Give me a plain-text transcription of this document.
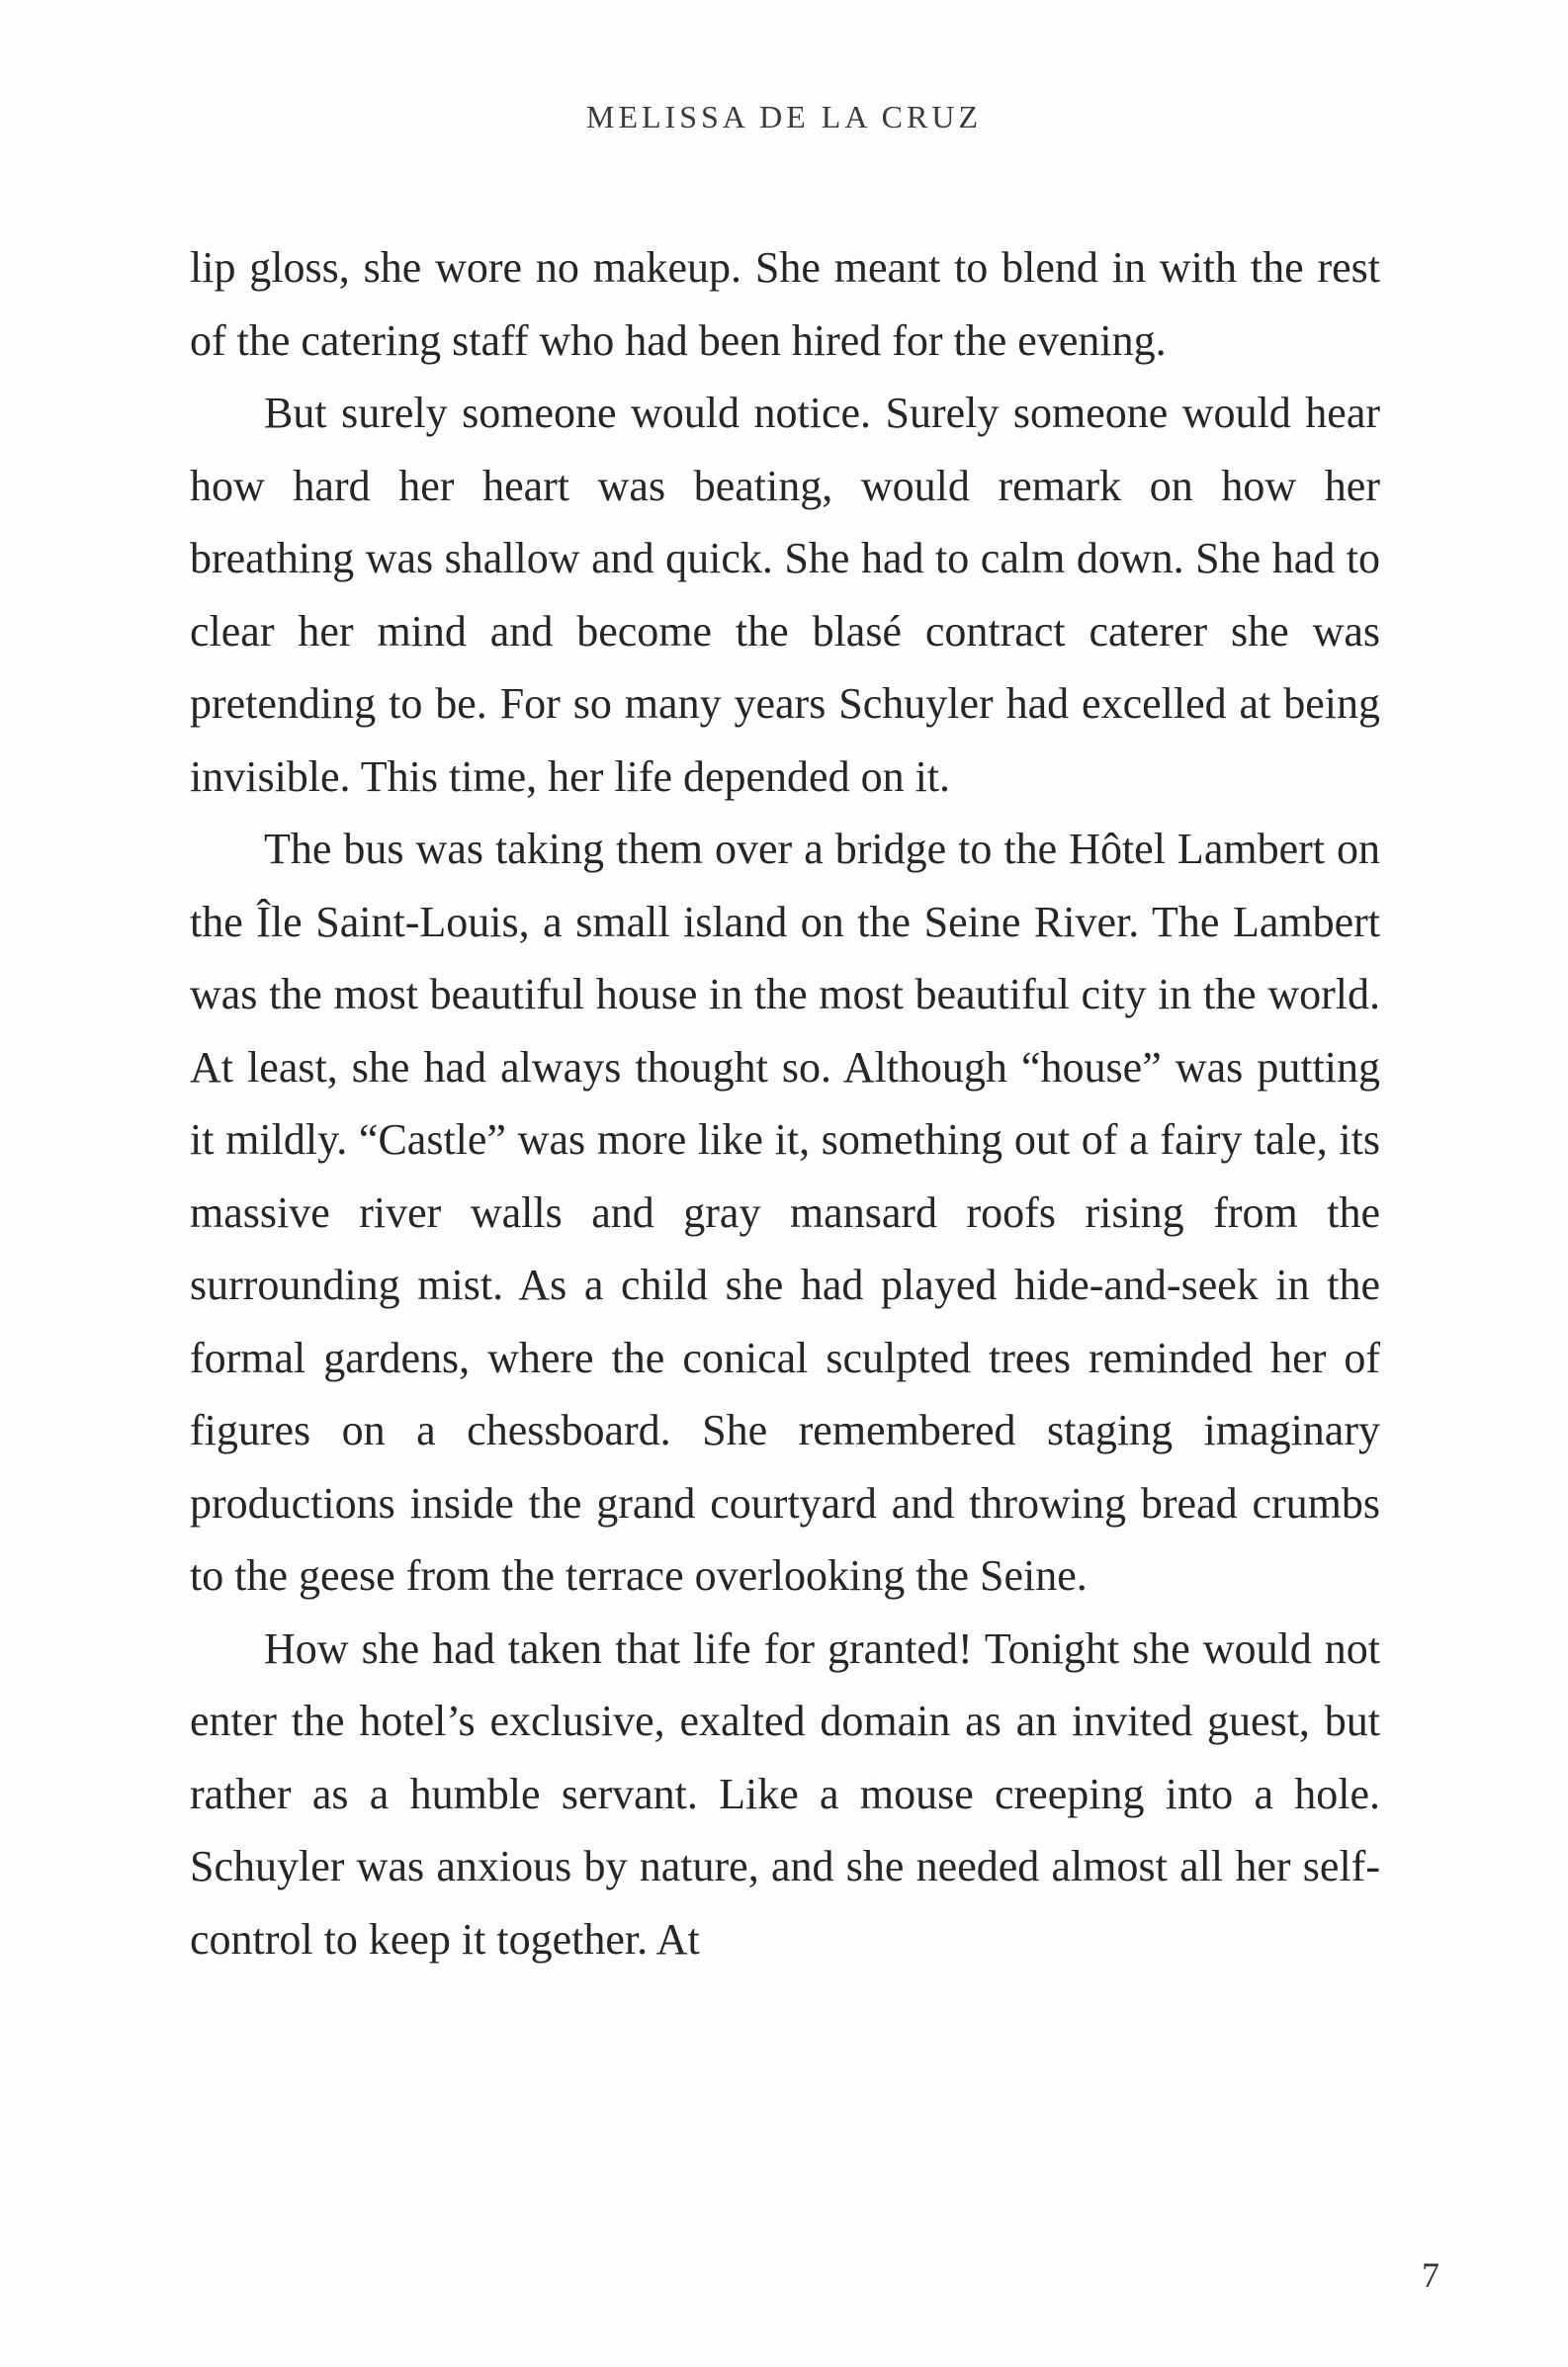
MELISSA DE LA CRUZ

lip gloss, she wore no makeup. She meant to blend in with the rest of the catering staff who had been hired for the evening.

But surely someone would notice. Surely someone would hear how hard her heart was beating, would remark on how her breathing was shallow and quick. She had to calm down. She had to clear her mind and become the blasé contract caterer she was pretending to be. For so many years Schuyler had excelled at being invisible. This time, her life depended on it.

The bus was taking them over a bridge to the Hôtel Lambert on the Île Saint-Louis, a small island on the Seine River. The Lambert was the most beautiful house in the most beautiful city in the world. At least, she had always thought so. Although “house” was putting it mildly. “Castle” was more like it, something out of a fairy tale, its massive river walls and gray mansard roofs rising from the surrounding mist. As a child she had played hide-and-seek in the formal gardens, where the conical sculpted trees reminded her of figures on a chessboard. She remembered staging imaginary productions inside the grand courtyard and throwing bread crumbs to the geese from the terrace overlooking the Seine.

How she had taken that life for granted! Tonight she would not enter the hotel’s exclusive, exalted domain as an invited guest, but rather as a humble servant. Like a mouse creeping into a hole. Schuyler was anxious by nature, and she needed almost all her self-control to keep it together. At

7
